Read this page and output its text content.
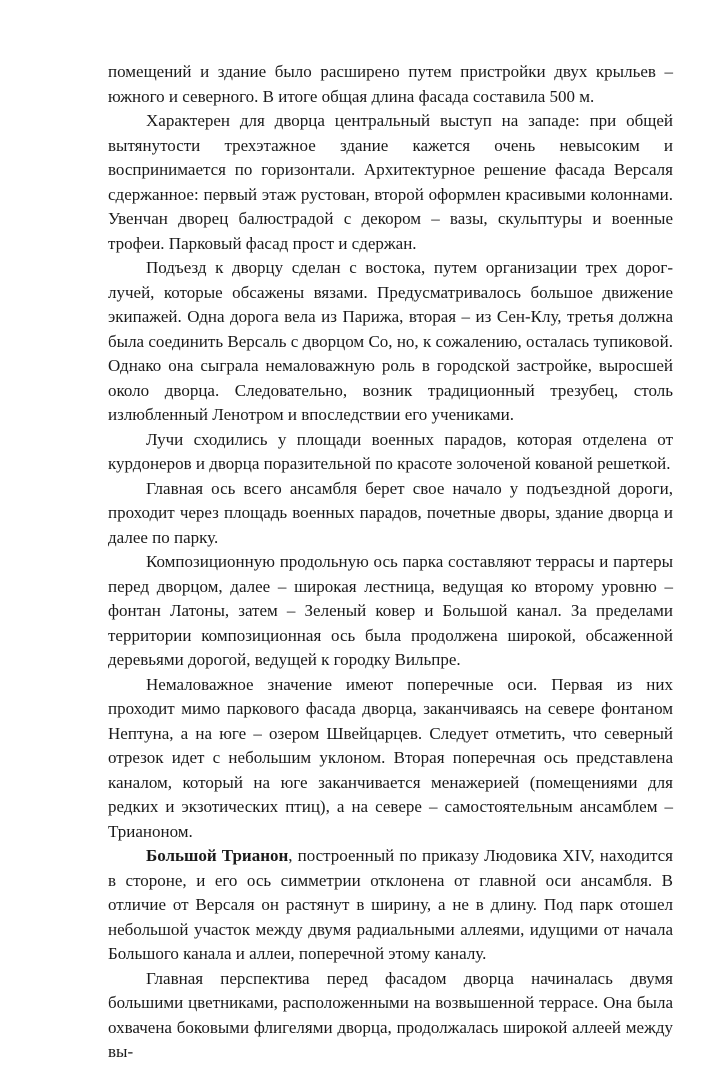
помещений и здание было расширено путем пристройки двух крыльев – южного и северного. В итоге общая длина фасада составила 500 м.

Характерен для дворца центральный выступ на западе: при общей вытянутости трехэтажное здание кажется очень невысоким и воспринимается по горизонтали. Архитектурное решение фасада Версаля сдержанное: первый этаж рустован, второй оформлен красивыми колоннами. Увенчан дворец балюстрадой с декором – вазы, скульптуры и военные трофеи. Парковый фасад прост и сдержан.

Подъезд к дворцу сделан с востока, путем организации трех дорог-лучей, которые обсажены вязами. Предусматривалось большое движение экипажей. Одна дорога вела из Парижа, вторая – из Сен-Клу, третья должна была соединить Версаль с дворцом Со, но, к сожалению, осталась тупиковой. Однако она сыграла немаловажную роль в городской застройке, выросшей около дворца. Следовательно, возник традиционный трезубец, столь излюбленный Ленотром и впоследствии его учениками.

Лучи сходились у площади военных парадов, которая отделена от курдонеров и дворца поразительной по красоте золоченой кованой решеткой.

Главная ось всего ансамбля берет свое начало у подъездной дороги, проходит через площадь военных парадов, почетные дворы, здание дворца и далее по парку.

Композиционную продольную ось парка составляют террасы и партеры перед дворцом, далее – широкая лестница, ведущая ко второму уровню – фонтан Латоны, затем – Зеленый ковер и Большой канал. За пределами территории композиционная ось была продолжена широкой, обсаженной деревьями дорогой, ведущей к городку Вильпре.

Немаловажное значение имеют поперечные оси. Первая из них проходит мимо паркового фасада дворца, заканчиваясь на севере фонтаном Нептуна, а на юге – озером Швейцарцев. Следует отметить, что северный отрезок идет с небольшим уклоном. Вторая поперечная ось представлена каналом, который на юге заканчивается менажерией (помещениями для редких и экзотических птиц), а на севере – самостоятельным ансамблем – Трианоном.

Большой Трианон, построенный по приказу Людовика XIV, находится в стороне, и его ось симметрии отклонена от главной оси ансамбля. В отличие от Версаля он растянут в ширину, а не в длину. Под парк отошел небольшой участок между двумя радиальными аллеями, идущими от начала Большого канала и аллеи, поперечной этому каналу.

Главная перспектива перед фасадом дворца начиналась двумя большими цветниками, расположенными на возвышенной террасе. Она была охвачена боковыми флигелями дворца, продолжалась широкой аллеей между вы-
